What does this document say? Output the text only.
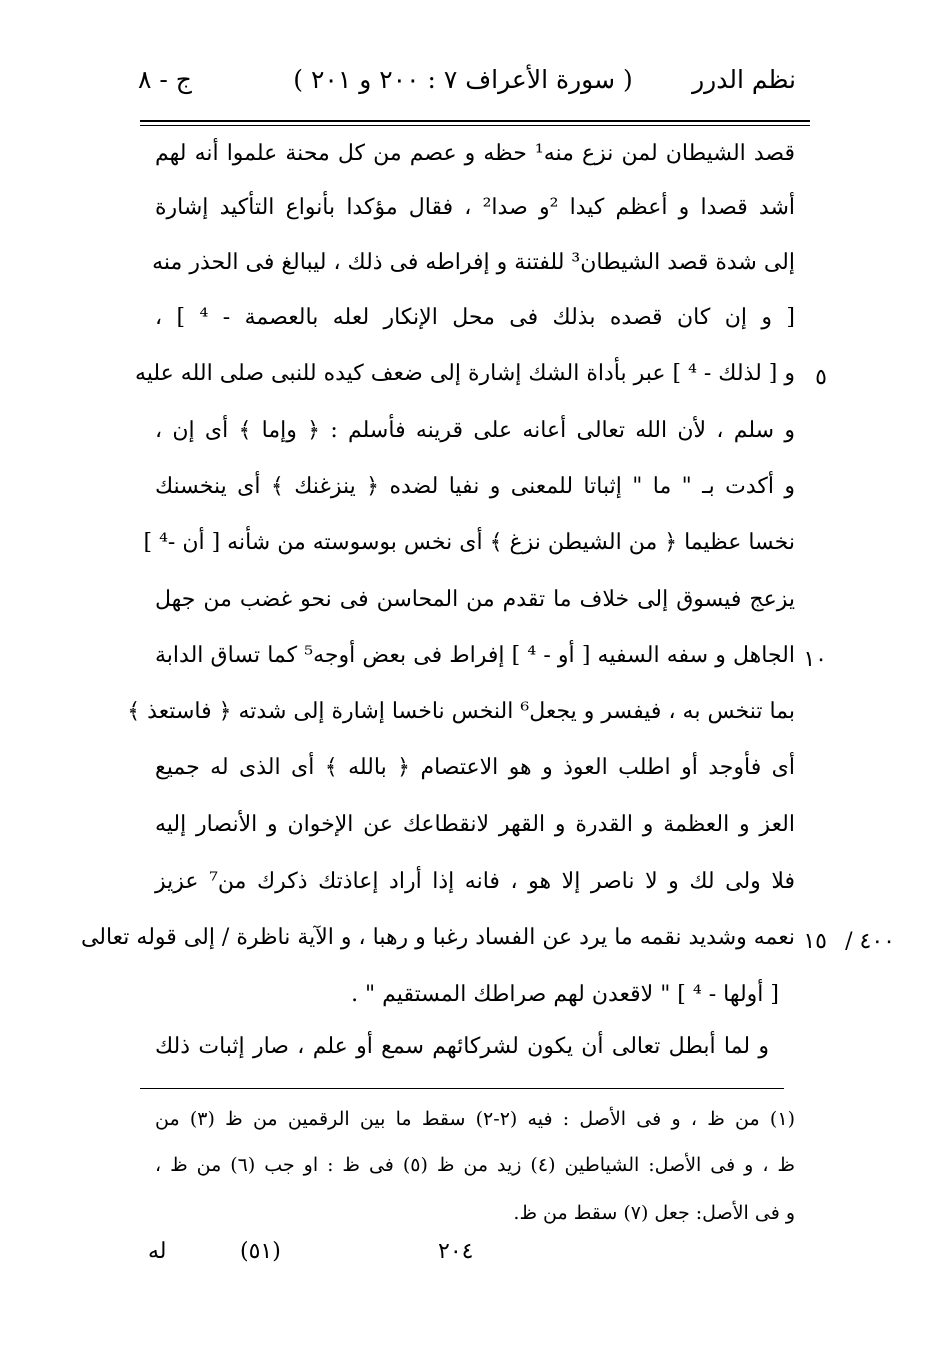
نظم الدرر
( سورة الأعراف ٧ : ٢٠٠ و ٢٠١ )
ج - ٨
قصد الشيطان لمن نزع منه¹ حظه و عصم من كل محنة علموا أنه لهم
أشد قصدا و أعظم كيدا ²و صدا² ، فقال مؤكدا بأنواع التأكيد إشارة
إلى شدة قصد الشيطان³ للفتنة و إفراطه فى ذلك ، ليبالغ فى الحذر منه
[ و إن كان قصده بذلك فى محل الإنكار لعله بالعصمة - ⁴ ] ،
و [ لذلك - ⁴ ] عبر بأداة الشك إشارة إلى ضعف كيده للنبى صلى الله عليه
و سلم ، لأن الله تعالى أعانه على قرينه فأسلم : ﴿ وإما ﴾ أى إن ،
و أكدت بـ " ما " إثباتا للمعنى و نفيا لضده ﴿ ينزغنك ﴾ أى ينخسنك
نخسا عظيما ﴿ من الشيطن نزغ ﴾ أى نخس بوسوسته من شأنه [ أن -⁴ ]
يزعج فيسوق إلى خلاف ما تقدم من المحاسن فى نحو غضب من جهل
الجاهل و سفه السفيه [ أو - ⁴ ] إفراط فى بعض أوجه⁵ كما تساق الدابة
بما تنخس به ، فيفسر و يجعل⁶ النخس ناخسا إشارة إلى شدته ﴿ فاستعذ ﴾
أى فأوجد أو اطلب العوذ و هو الاعتصام ﴿ بالله ﴾ أى الذى له جميع
العز و العظمة و القدرة و القهر لانقطاعك عن الإخوان و الأنصار إليه
فلا ولى لك و لا ناصر إلا هو ، فانه إذا أراد إعاذتك ذكرك من⁷ عزيز
نعمه وشديد نقمه ما يرد عن الفساد رغبا و رهبا ، و الآية ناظرة / إلى قوله تعالى
[ أولها - ⁴ ] " لاقعدن لهم صراطك المستقيم " .
و لما أبطل تعالى أن يكون لشركائهم سمع أو علم ، صار إثبات ذلك
٥
١٠
١٥ ٤٠٠ /
(١) من ظ ، و فى الأصل : فيه (٢-٢) سقط ما بين الرقمين من ظ (٣) من
ظ ، و فى الأصل: الشياطين (٤) زيد من ظ (٥) فى ظ : او جب (٦) من ظ ،
و فى الأصل: جعل (٧) سقط من ظ.
له	(٥١)	٢٠٤
